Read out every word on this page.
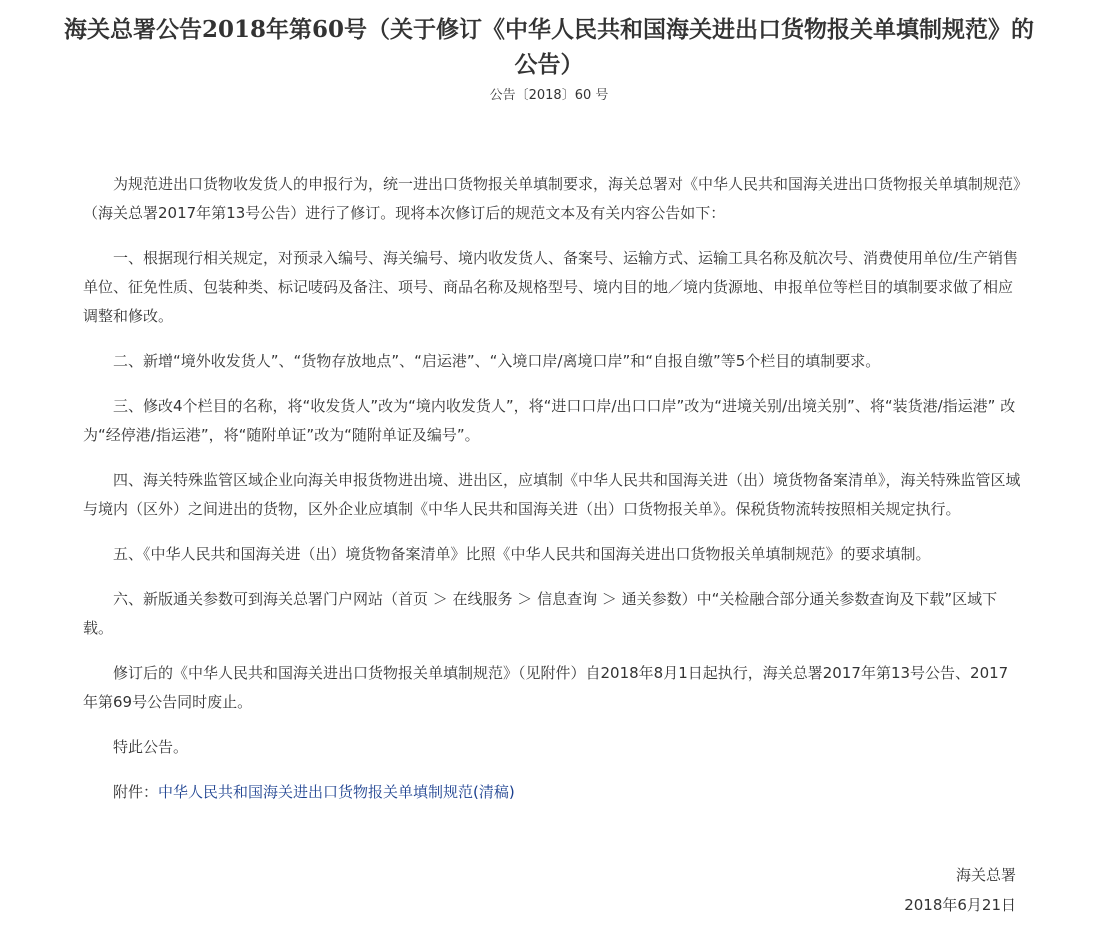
海关总署公告2018年第60号（关于修订《中华人民共和国海关进出口货物报关单填制规范》的公告）
公告〔2018〕60 号

为规范进出口货物收发货人的申报行为，统一进出口货物报关单填制要求，海关总署对《中华人民共和国海关进出口货物报关单填制规范》（海关总署2017年第13号公告）进行了修订。现将本次修订后的规范文本及有关内容公告如下：

一、根据现行相关规定，对预录入编号、海关编号、境内收发货人、备案号、运输方式、运输工具名称及航次号、消费使用单位/生产销售单位、征免性质、包装种类、标记唛码及备注、项号、商品名称及规格型号、境内目的地／境内货源地、申报单位等栏目的填制要求做了相应调整和修改。

二、新增“境外收发货人”、“货物存放地点”、“启运港”、“入境口岸/离境口岸”和“自报自缴”等5个栏目的填制要求。

三、修改4个栏目的名称，将“收发货人”改为“境内收发货人”，将“进口口岸/出口口岸”改为“进境关别/出境关别”、将“装货港/指运港” 改为“经停港/指运港”，将“随附单证”改为“随附单证及编号”。

四、海关特殊监管区域企业向海关申报货物进出境、进出区，应填制《中华人民共和国海关进（出）境货物备案清单》，海关特殊监管区域与境内（区外）之间进出的货物，区外企业应填制《中华人民共和国海关进（出）口货物报关单》。保税货物流转按照相关规定执行。

五、《中华人民共和国海关进（出）境货物备案清单》比照《中华人民共和国海关进出口货物报关单填制规范》的要求填制。

六、新版通关参数可到海关总署门户网站（首页 ＞ 在线服务 ＞ 信息查询 ＞ 通关参数）中“关检融合部分通关参数查询及下载”区域下载。

修订后的《中华人民共和国海关进出口货物报关单填制规范》（见附件）自2018年8月1日起执行，海关总署2017年第13号公告、2017年第69号公告同时废止。

特此公告。

附件：中华人民共和国海关进出口货物报关单填制规范(清稿)

海关总署
2018年6月21日
